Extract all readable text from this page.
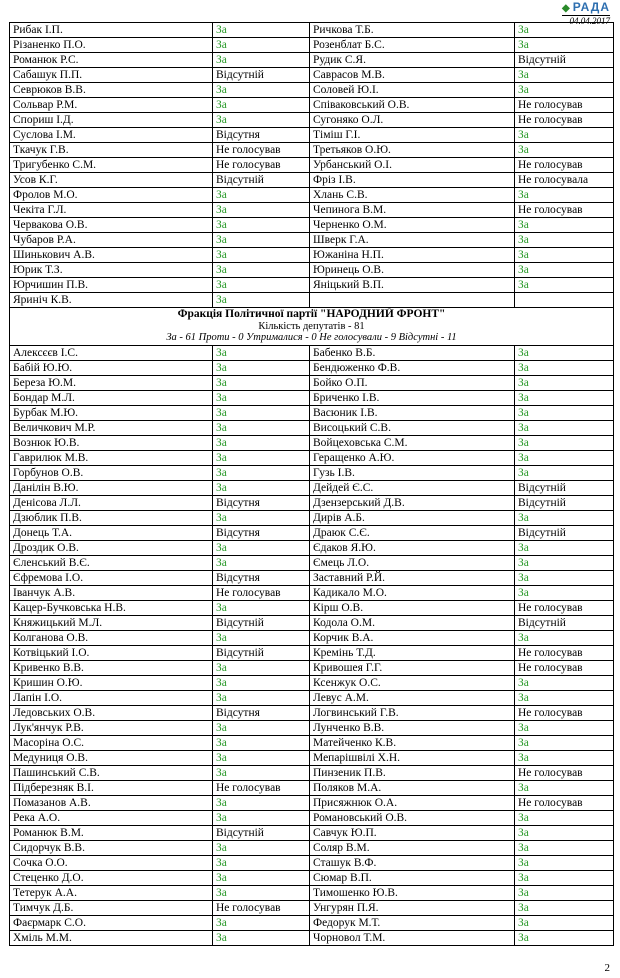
◆ РАДА
04.04.2017
Рибак І.П.	За	Ричкова Т.Б.	За
Різаненко П.О.	За	Розенблат Б.С.	За
Романюк Р.С.	За	Рудик С.Я.	Відсутній
Сабашук П.П.	Відсутній	Саврасов М.В.	За
Севрюков В.В.	За	Соловей Ю.І.	За
Сольвар Р.М.	За	Співаковський О.В.	Не голосував
Спориш І.Д.	За	Сугоняко О.Л.	Не голосував
Суслова І.М.	Відсутня	Тіміш Г.І.	За
Ткачук Г.В.	Не голосував	Третьяков О.Ю.	За
Тригубенко С.М.	Не голосував	Урбанський О.І.	Не голосував
Усов К.Г.	Відсутній	Фріз І.В.	Не голосувала
Фролов М.О.	За	Хлань С.В.	За
Чекіта Г.Л.	За	Чепинога В.М.	Не голосував
Червакова О.В.	За	Черненко О.М.	За
Чубаров Р.А.	За	Шверк Г.А.	За
Шинькович А.В.	За	Южаніна Н.П.	За
Юрик Т.З.	За	Юринець О.В.	За
Юрчишин П.В.	За	Яніцький В.П.	За
Яриніч К.В.	За		

Фракція Політичної партії "НАРОДНИЙ ФРОНТ"
Кількість депутатів - 81
За - 61 Проти - 0 Утрималися - 0 Не голосували - 9 Відсутні - 11			

Алексєєв І.С.	За	Бабенко В.Б.	За
Бабій Ю.Ю.	За	Бендюженко Ф.В.	За
Береза Ю.М.	За	Бойко О.П.	За
Бондар М.Л.	За	Бриченко І.В.	За
Бурбак М.Ю.	За	Васюник І.В.	За
Величкович М.Р.	За	Висоцький С.В.	За
Вознюк Ю.В.	За	Войцеховська С.М.	За
Гаврилюк М.В.	За	Геращенко А.Ю.	За
Горбунов О.В.	За	Гузь І.В.	За
Данілін В.Ю.	За	Дейдей Є.С.	Відсутній
Денісова Л.Л.	Відсутня	Дзензерський Д.В.	Відсутній
Дзюблик П.В.	За	Дирів А.Б.	За
Донець Т.А.	Відсутня	Драюк С.Є.	Відсутній
Дроздик О.В.	За	Єдаков Я.Ю.	За
Єленський В.Є.	За	Ємець Л.О.	За
Єфремова І.О.	Відсутня	Заставний Р.Й.	За
Іванчук А.В.	Не голосував	Кадикало М.О.	За
Кацер-Бучковська Н.В.	За	Кірш О.В.	Не голосував
Княжицький М.Л.	Відсутній	Кодола О.М.	Відсутній
Колганова О.В.	За	Корчик В.А.	За
Котвіцький І.О.	Відсутній	Кремінь Т.Д.	Не голосував
Кривенко В.В.	За	Кривошея Г.Г.	Не голосував
Кришин О.Ю.	За	Ксенжук О.С.	За
Лапін І.О.	За	Левус А.М.	За
Ледовських О.В.	Відсутня	Логвинський Г.В.	Не голосував
Лук'янчук Р.В.	За	Лунченко В.В.	За
Масоріна О.С.	За	Матейченко К.В.	За
Медуниця О.В.	За	Мепарішвілі Х.Н.	За
Пашинський С.В.	За	Пинзеник П.В.	Не голосував
Підберезняк В.І.	Не голосував	Поляков М.А.	За
Помазанов А.В.	За	Присяжнюк О.А.	Не голосував
Река А.О.	За	Романовський О.В.	За
Романюк В.М.	Відсутній	Савчук Ю.П.	За
Сидорчук В.В.	За	Соляр В.М.	За
Сочка О.О.	За	Сташук В.Ф.	За
Стеценко Д.О.	За	Сюмар В.П.	За
Тетерук А.А.	За	Тимошенко Ю.В.	За
Тимчук Д.Б.	Не голосував	Унгурян П.Я.	За
Фаєрмарк С.О.	За	Федорук М.Т.	За
Хміль М.М.	За	Чорновол Т.М.	За
2
